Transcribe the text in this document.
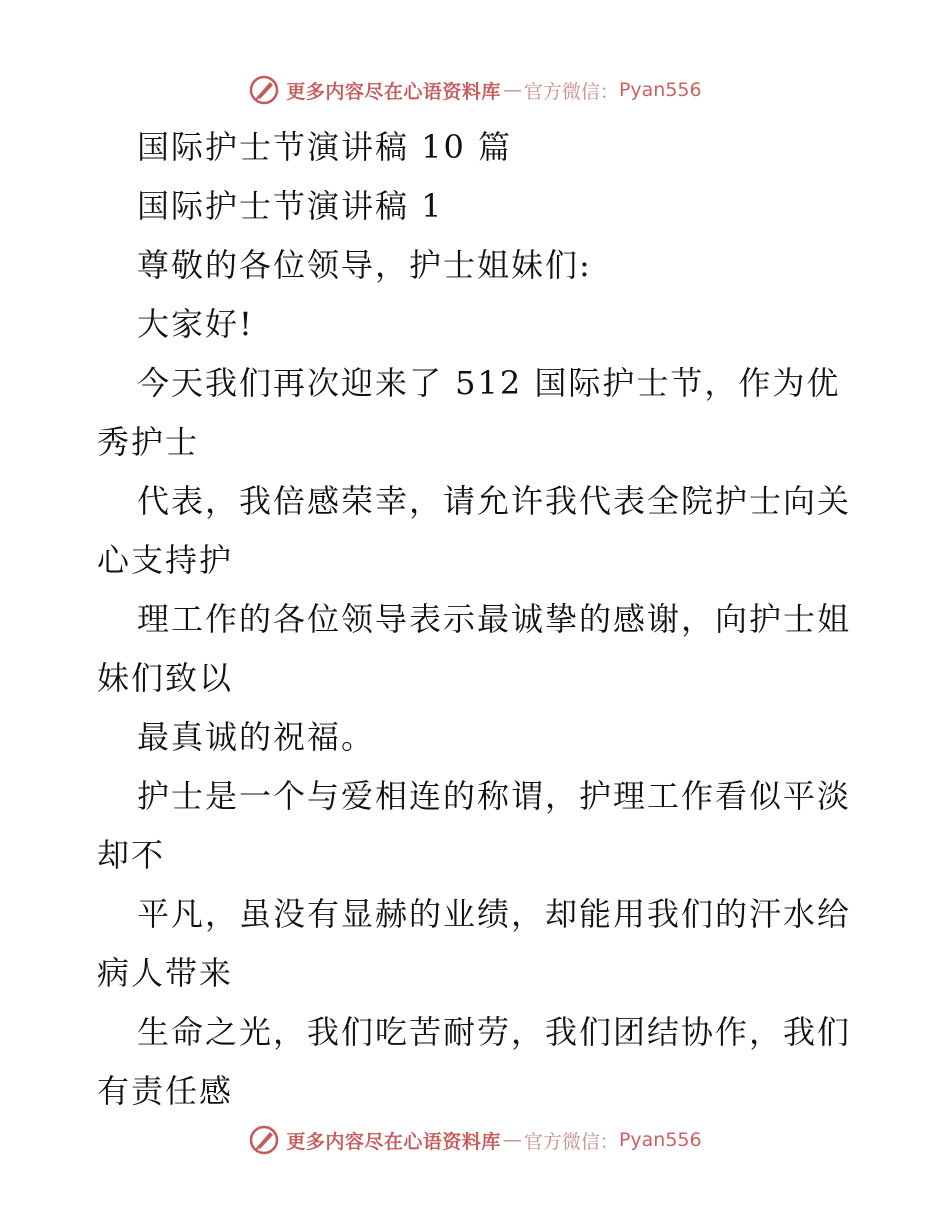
更多内容尽在心语资料库 — 官方微信： Pyan556
国际护士节演讲稿 10 篇
国际护士节演讲稿 1
尊敬的各位领导，护士姐妹们:
大家好!
今天我们再次迎来了 512 国际护士节，作为优
秀护士
代表，我倍感荣幸，请允许我代表全院护士向关
心支持护
理工作的各位领导表示最诚挚的感谢，向护士姐
妹们致以
最真诚的祝福。
护士是一个与爱相连的称谓，护理工作看似平淡
却不
平凡，虽没有显赫的业绩，却能用我们的汗水给
病人带来
生命之光，我们吃苦耐劳，我们团结协作，我们
有责任感
更多内容尽在心语资料库 — 官方微信： Pyan556
